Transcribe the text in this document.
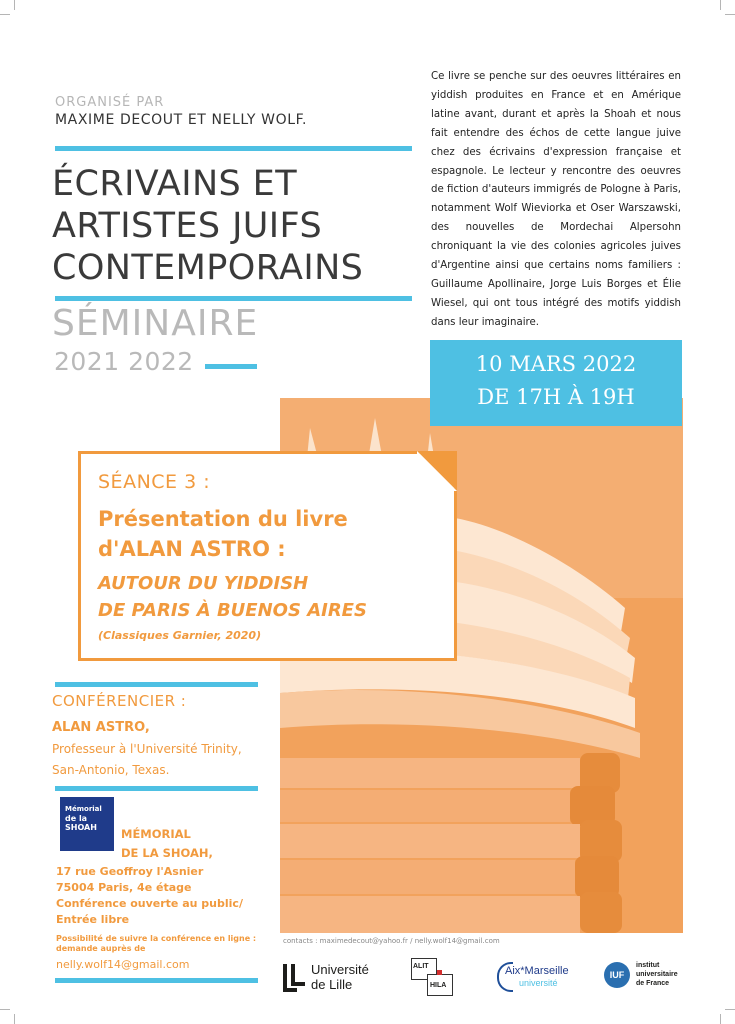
ORGANISÉ PAR
MAXIME DECOUT ET NELLY WOLF.
ÉCRIVAINS ET
ARTISTES JUIFS
CONTEMPORAINS
SÉMINAIRE
2021 2022
Ce livre se penche sur des oeuvres littéraires en yiddish produites en France et en Amérique latine avant, durant et après la Shoah et nous fait entendre des échos de cette langue juive chez des écrivains d'expression française et espagnole. Le lecteur y rencontre des oeuvres de fiction d'auteurs immigrés de Pologne à Paris, notamment Wolf Wieviorka et Oser Warszawski, des nouvelles de Mordechai Alpersohn chroniquant la vie des colonies agricoles juives d'Argentine ainsi que certains noms familiers : Guillaume Apollinaire, Jorge Luis Borges et Élie Wiesel, qui ont tous intégré des motifs yiddish dans leur imaginaire.
10 MARS 2022
DE 17H À 19H
SÉANCE 3 :
Présentation du livre
d'ALAN ASTRO :
AUTOUR DU YIDDISH
DE PARIS À BUENOS AIRES
(Classiques Garnier, 2020)
CONFÉRENCIER :
ALAN ASTRO,
Professeur à l'Université Trinity,
San-Antonio, Texas.
Mémorial
de la SHOAH	MÉMORIAL
DE LA SHOAH,
17 rue Geoffroy l'Asnier
75004 Paris, 4e étage
Conférence ouverte au public/
Entrée libre
Possibilité de suivre la conférence en ligne :
demande auprès de
nelly.wolf14@gmail.com
contacts : maximedecout@yahoo.fr / nelly.wolf14@gmail.com
Université
de Lille
ALIT
HILA
Aix*Marseille
université
IUF
institut
universitaire
de France
